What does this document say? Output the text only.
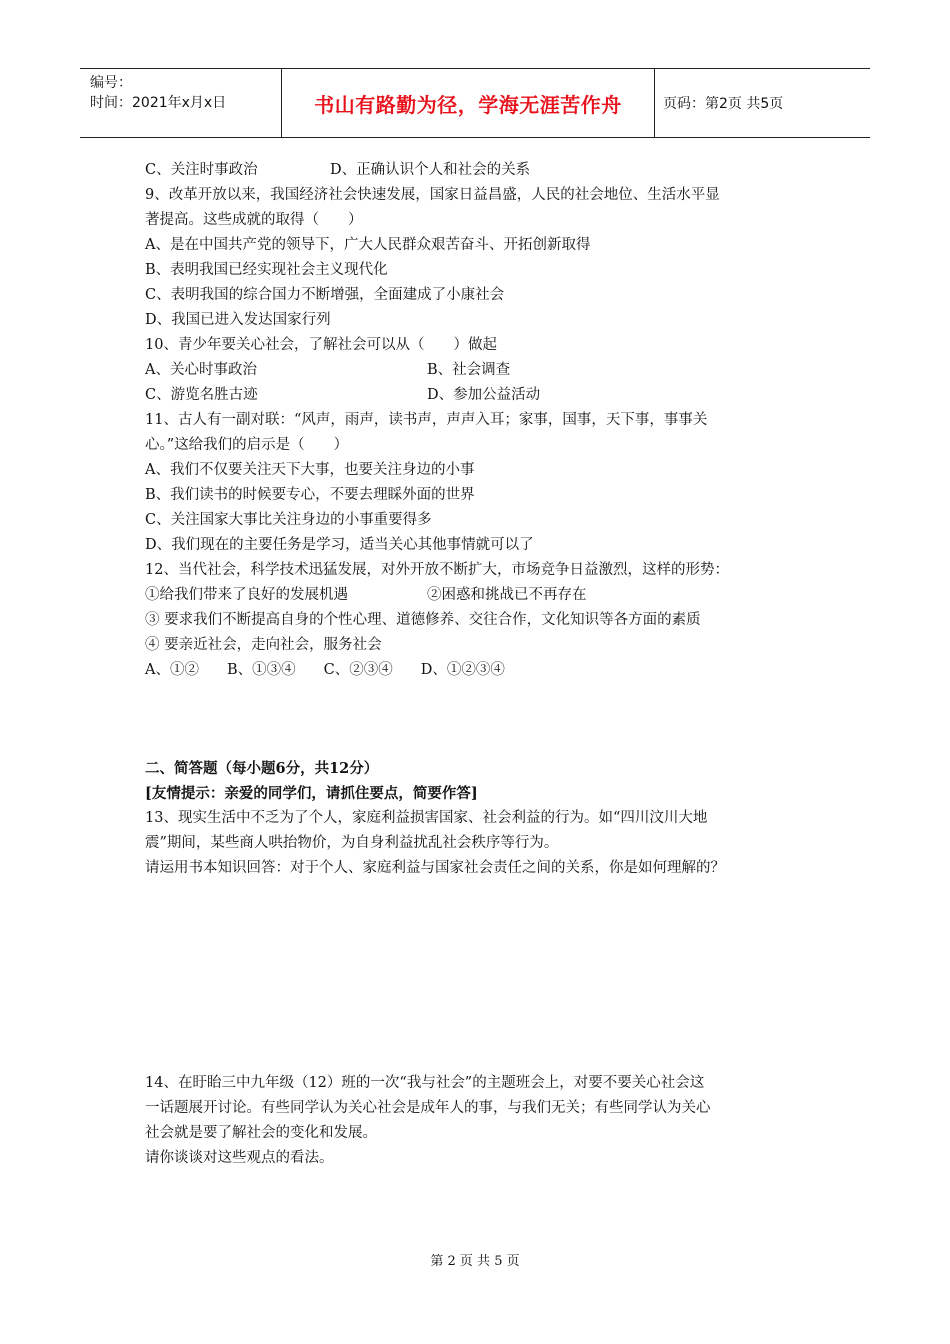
编号：
时间：2021年x月x日	书山有路勤为径，学海无涯苦作舟	页码：第2页 共5页
C、关注时事政治	D、正确认识个人和社会的关系

9、改革开放以来，我国经济社会快速发展，国家日益昌盛，人民的社会地位、生活水平显

著提高。这些成就的取得（　　）

A、是在中国共产党的领导下，广大人民群众艰苦奋斗、开拓创新取得

B、表明我国已经实现社会主义现代化

C、表明我国的综合国力不断增强，全面建成了小康社会

D、我国已进入发达国家行列

10、青少年要关心社会，了解社会可以从（　　）做起

A、关心时事政治	B、社会调查
C、游览名胜古迹	D、参加公益活动

11、古人有一副对联：“风声，雨声，读书声，声声入耳；家事，国事，天下事，事事关

心。”这给我们的启示是（　　）

A、我们不仅要关注天下大事，也要关注身边的小事

B、我们读书的时候要专心，不要去理睬外面的世界

C、关注国家大事比关注身边的小事重要得多

D、我们现在的主要任务是学习，适当关心其他事情就可以了

12、当代社会，科学技术迅猛发展，对外开放不断扩大，市场竞争日益激烈，这样的形势：

①给我们带来了良好的发展机遇	②困惑和挑战已不再存在

③ 要求我们不断提高自身的个性心理、道德修养、交往合作，文化知识等各方面的素质

④ 要亲近社会，走向社会，服务社会

A、①② B、①③④ C、②③④ D、①②③④

二、简答题（每小题6分，共12分）

[友情提示：亲爱的同学们，请抓住要点，简要作答]

13、现实生活中不乏为了个人，家庭利益损害国家、社会利益的行为。如“四川汶川大地

震”期间，某些商人哄抬物价，为自身利益扰乱社会秩序等行为。

请运用书本知识回答：对于个人、家庭利益与国家社会责任之间的关系，你是如何理解的？

14、在盱眙三中九年级（12）班的一次“我与社会”的主题班会上，对要不要关心社会这

一话题展开讨论。有些同学认为关心社会是成年人的事，与我们无关；有些同学认为关心

社会就是要了解社会的变化和发展。

请你谈谈对这些观点的看法。

第 2 页 共 5 页
